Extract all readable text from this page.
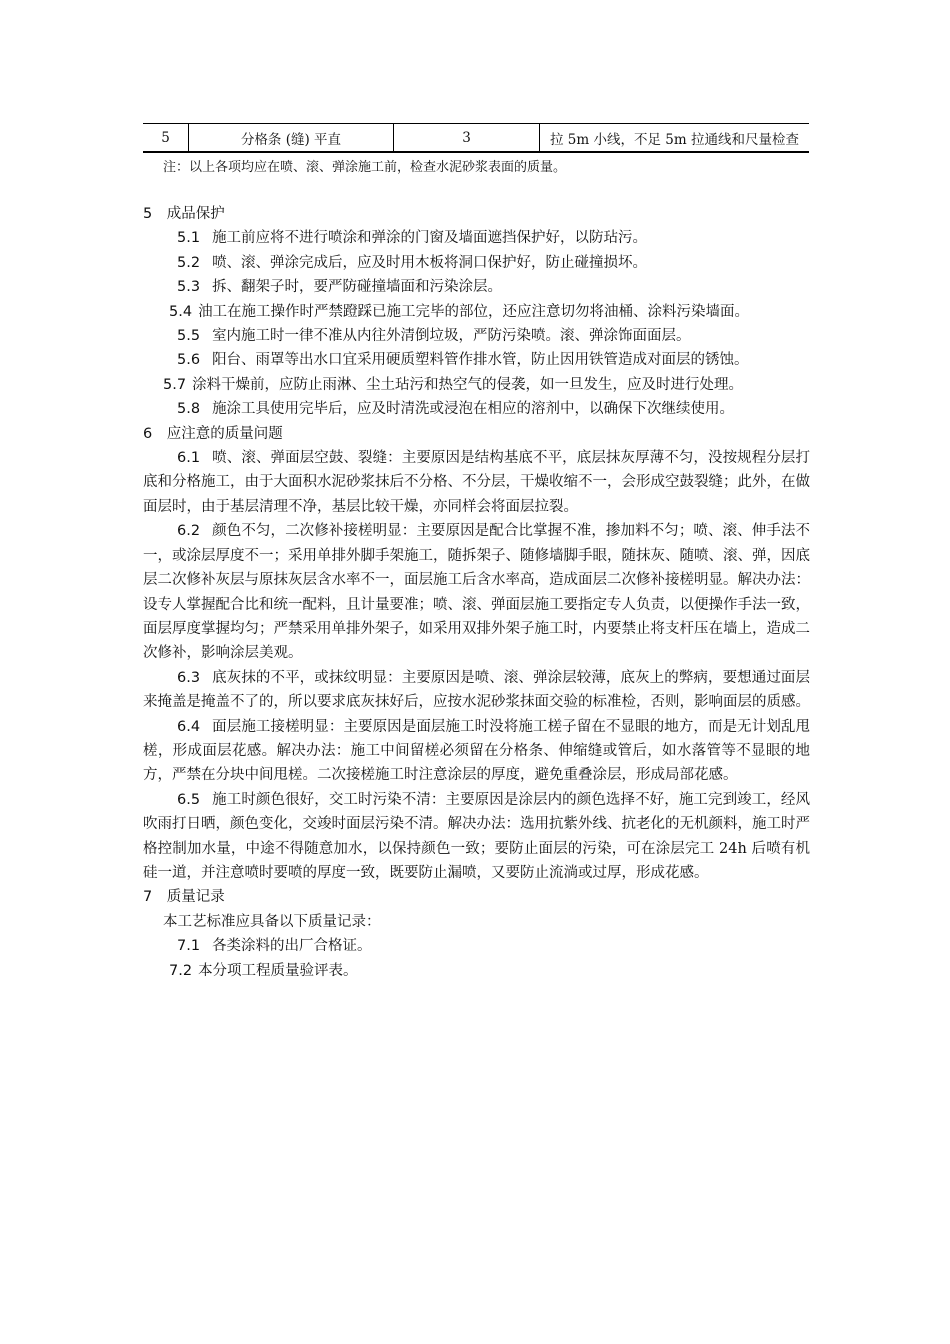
5	分格条 (缝) 平直	3	拉 5m 小线，不足 5m 拉通线和尺量检查
注：以上各项均应在喷、滚、弹涂施工前，检查水泥砂浆表面的质量。

5　成品保护

5.1 施工前应将不进行喷涂和弹涂的门窗及墙面遮挡保护好，以防玷污。

5.2 喷、滚、弹涂完成后，应及时用木板将洞口保护好，防止碰撞损坏。

5.3 拆、翻架子时，要严防碰撞墙面和污染涂层。

5.4 油工在施工操作时严禁蹬踩已施工完毕的部位，还应注意切勿将油桶、涂料污染墙面。

5.5 室内施工时一律不准从内往外清倒垃圾，严防污染喷。滚、弹涂饰面面层。

5.6 阳台、雨罩等出水口宜采用硬质塑料管作排水管，防止因用铁管造成对面层的锈蚀。

5.7 涂料干燥前，应防止雨淋、尘土玷污和热空气的侵袭，如一旦发生，应及时进行处理。

5.8 施涂工具使用完毕后，应及时清洗或浸泡在相应的溶剂中，以确保下次继续使用。

6　应注意的质量问题

6.1 喷、滚、弹面层空鼓、裂缝：主要原因是结构基底不平，底层抹灰厚薄不匀，没按规程分层打底和分格施工，由于大面积水泥砂浆抹后不分格、不分层，干燥收缩不一，会形成空鼓裂缝；此外，在做面层时，由于基层清理不净，基层比较干燥，亦同样会将面层拉裂。

6.2 颜色不匀，二次修补接槎明显：主要原因是配合比掌握不准，掺加料不匀；喷、滚、伸手法不一，或涂层厚度不一；采用单排外脚手架施工，随拆架子、随修墙脚手眼，随抹灰、随喷、滚、弹，因底层二次修补灰层与原抹灰层含水率不一，面层施工后含水率高，造成面层二次修补接槎明显。解决办法：设专人掌握配合比和统一配料，且计量要准；喷、滚、弹面层施工要指定专人负责，以便操作手法一致，面层厚度掌握均匀；严禁采用单排外架子，如采用双排外架子施工时，内要禁止将支杆压在墙上，造成二次修补，影响涂层美观。

6.3 底灰抹的不平，或抹纹明显：主要原因是喷、滚、弹涂层较薄，底灰上的弊病，要想通过面层来掩盖是掩盖不了的，所以要求底灰抹好后，应按水泥砂浆抹面交验的标准检，否则，影响面层的质感。

6.4 面层施工接槎明显：主要原因是面层施工时没将施工槎子留在不显眼的地方，而是无计划乱甩槎，形成面层花感。解决办法：施工中间留槎必须留在分格条、伸缩缝或管后，如水落管等不显眼的地方，严禁在分块中间甩槎。二次接槎施工时注意涂层的厚度，避免重叠涂层，形成局部花感。

6.5 施工时颜色很好，交工时污染不清：主要原因是涂层内的颜色选择不好，施工完到竣工，经风吹雨打日晒，颜色变化，交竣时面层污染不清。解决办法：选用抗紫外线、抗老化的无机颜料，施工时严格控制加水量，中途不得随意加水，以保持颜色一致；要防止面层的污染，可在涂层完工 24h 后喷有机硅一道，并注意喷时要喷的厚度一致，既要防止漏喷，又要防止流淌或过厚，形成花感。

7　质量记录

本工艺标准应具备以下质量记录：

7.1 各类涂料的出厂合格证。

7.2 本分项工程质量验评表。
